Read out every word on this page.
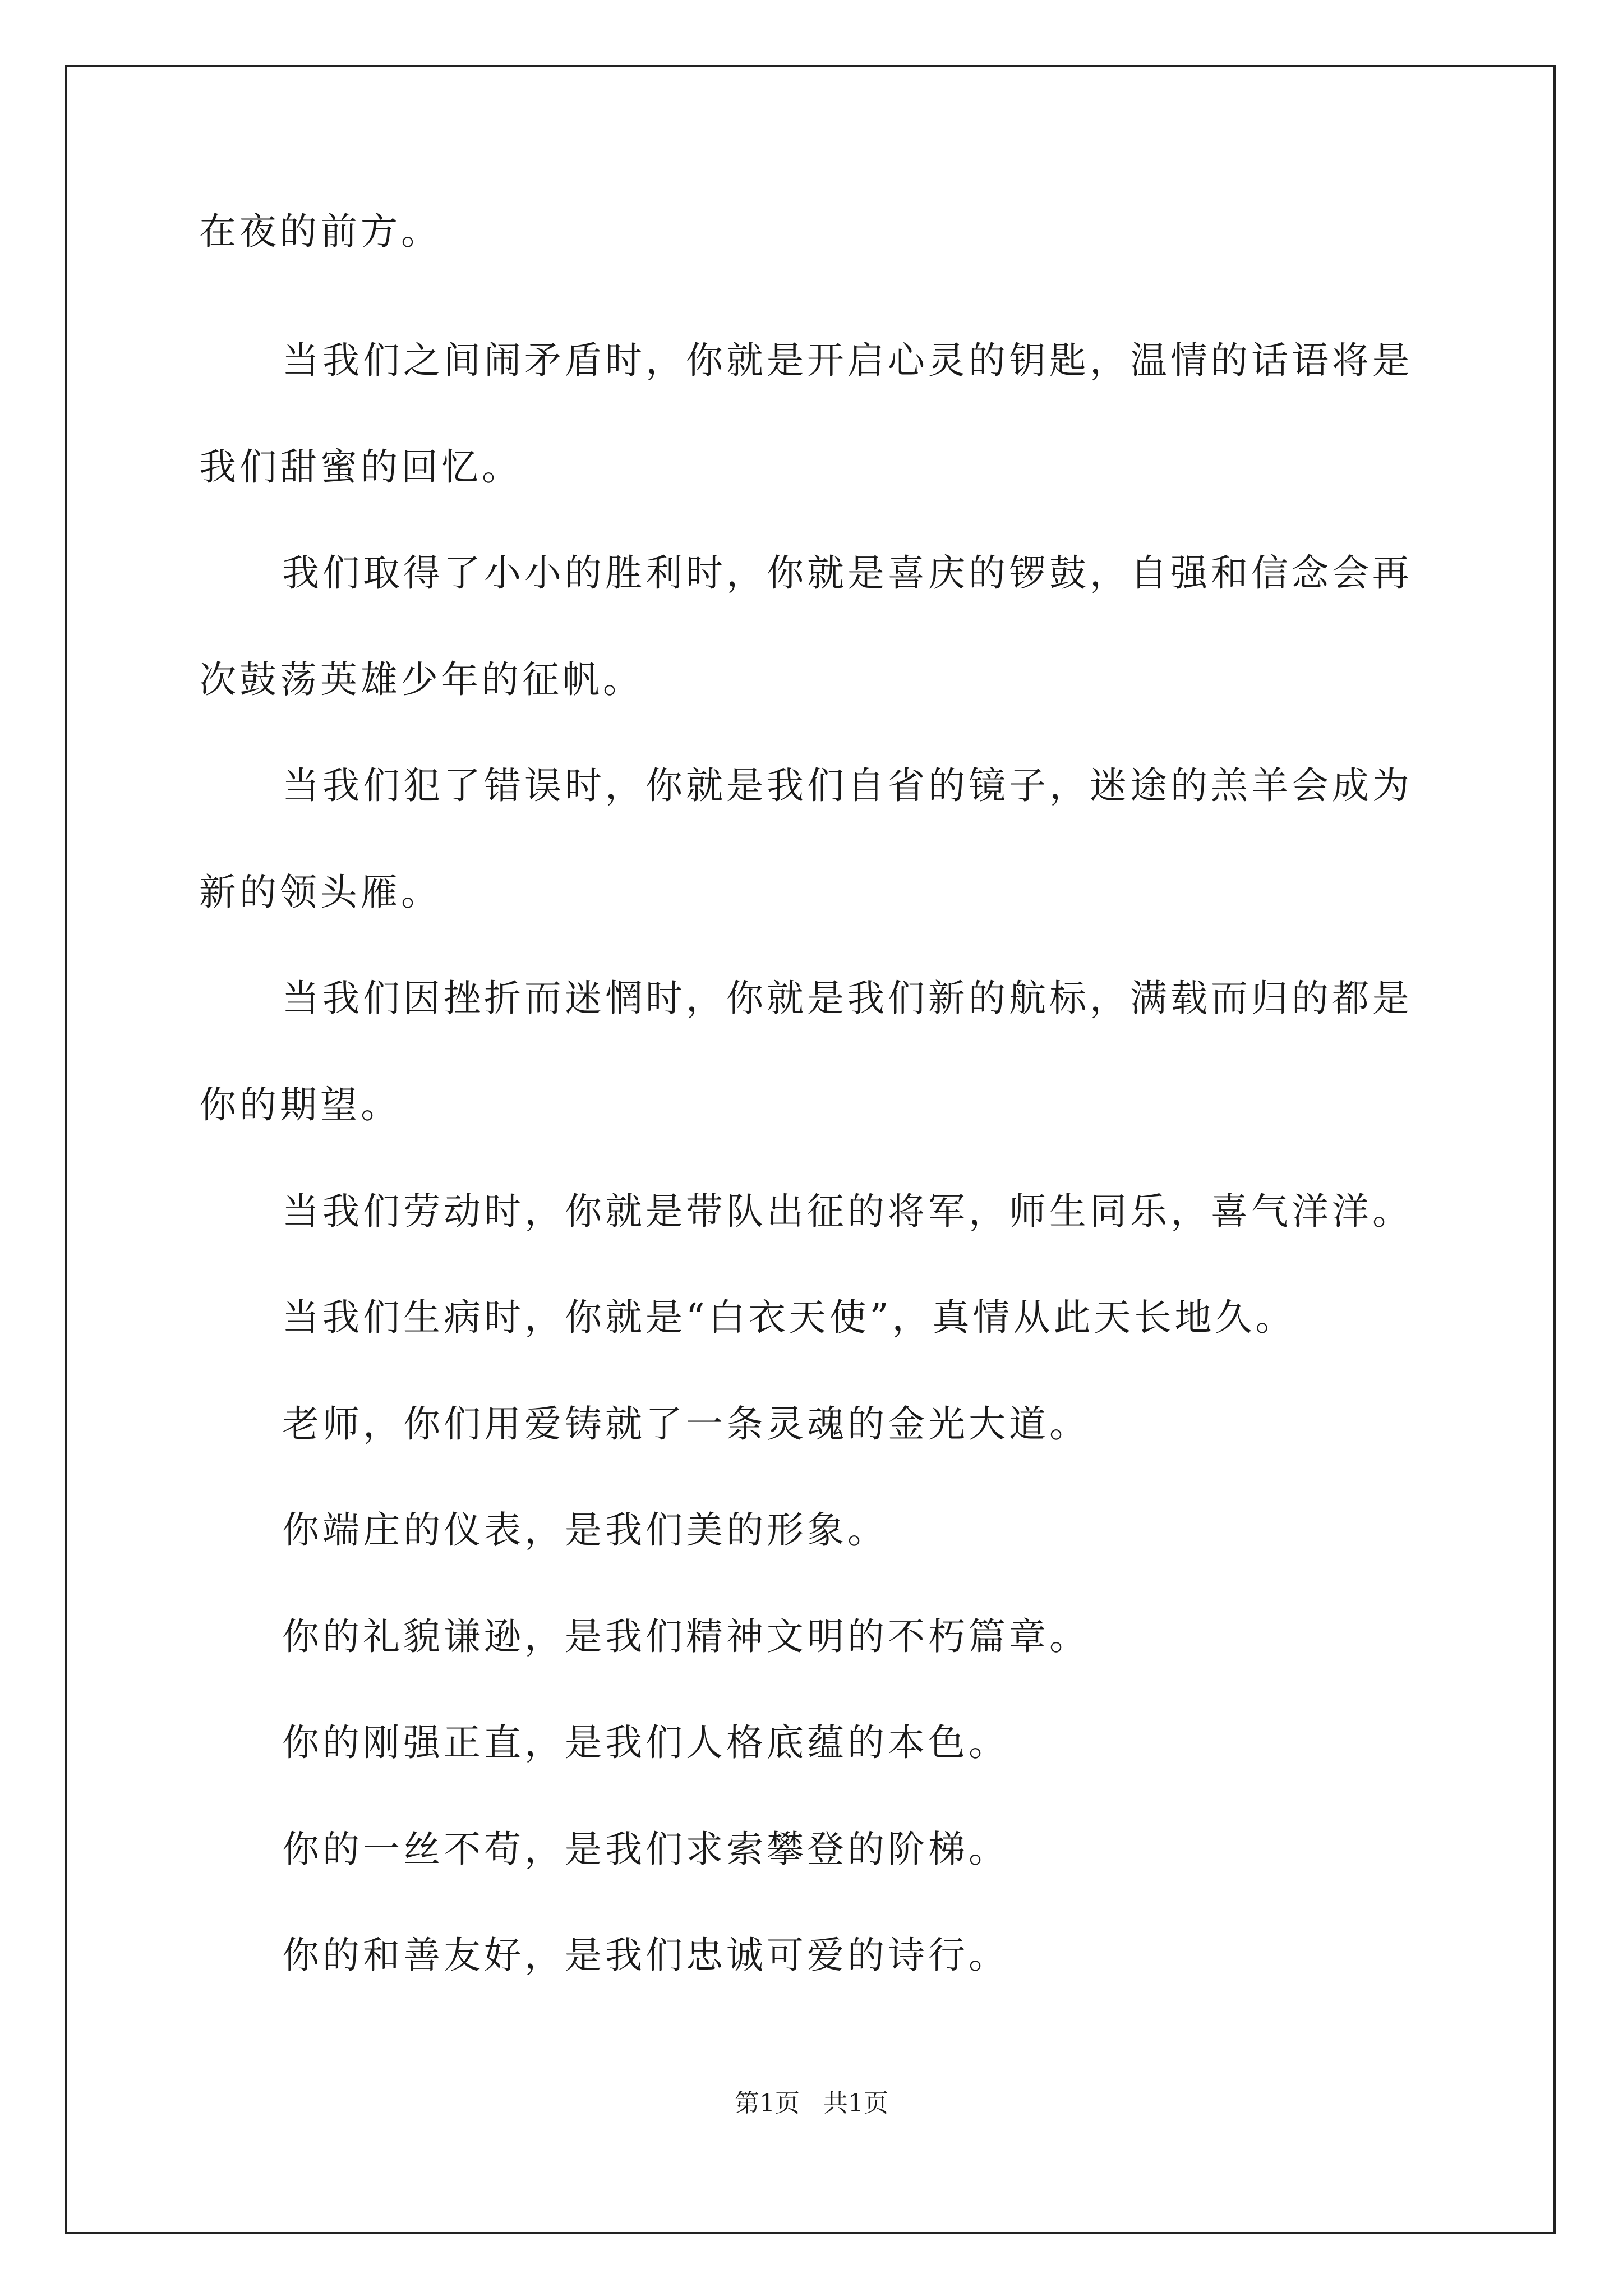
在夜的前方。
当我们之间闹矛盾时，你就是开启心灵的钥匙，温情的话语将是
我们甜蜜的回忆。
我们取得了小小的胜利时，你就是喜庆的锣鼓，自强和信念会再
次鼓荡英雄少年的征帆。
当我们犯了错误时，你就是我们自省的镜子，迷途的羔羊会成为
新的领头雁。
当我们因挫折而迷惘时，你就是我们新的航标，满载而归的都是
你的期望。
当我们劳动时，你就是带队出征的将军，师生同乐，喜气洋洋。
当我们生病时，你就是“白衣天使”，真情从此天长地久。
老师，你们用爱铸就了一条灵魂的金光大道。
你端庄的仪表，是我们美的形象。
你的礼貌谦逊，是我们精神文明的不朽篇章。
你的刚强正直，是我们人格底蕴的本色。
你的一丝不苟，是我们求索攀登的阶梯。
你的和善友好，是我们忠诚可爱的诗行。
第1页 共1页
